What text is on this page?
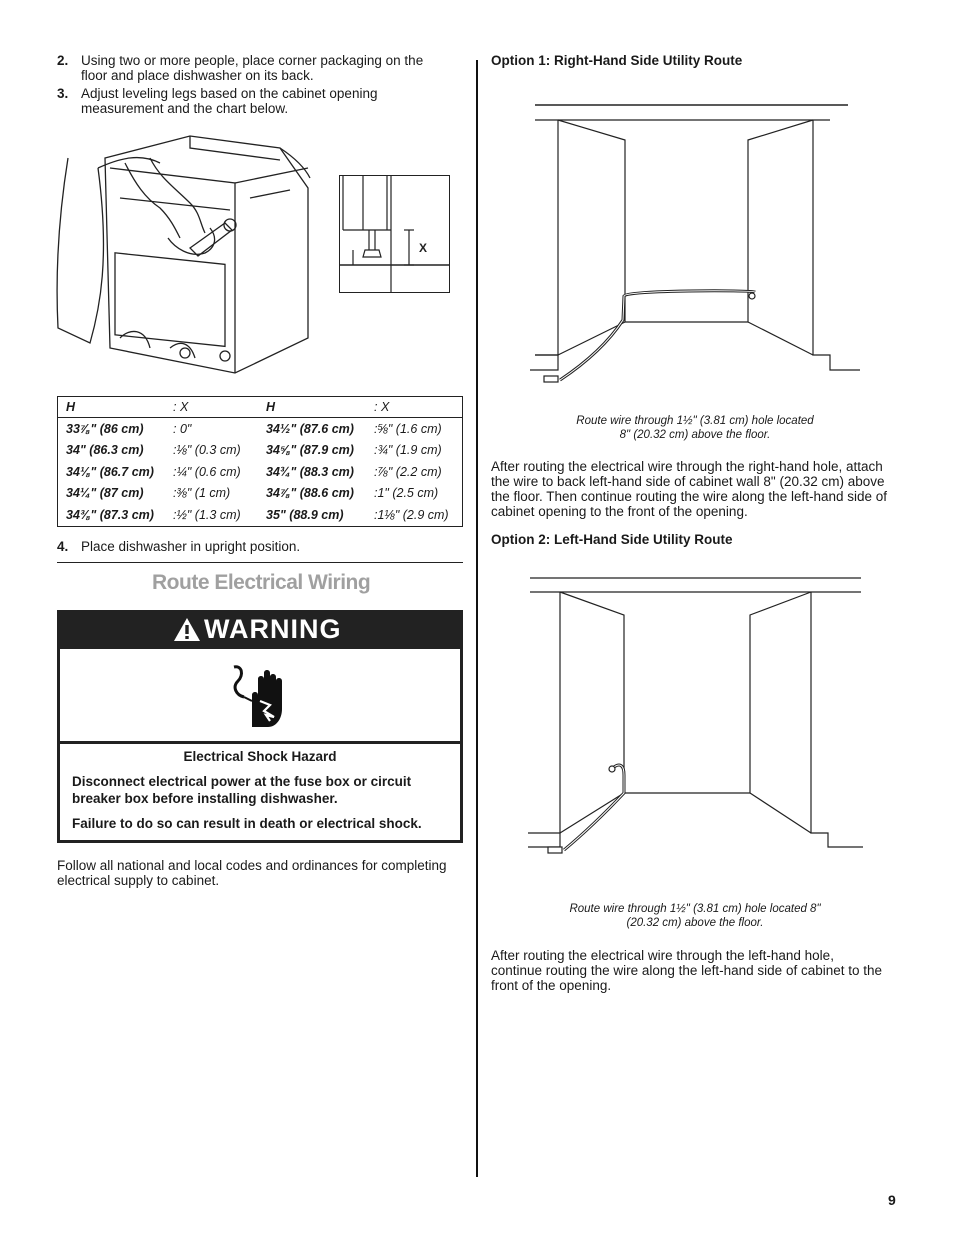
2. Using two or more people, place corner packaging on the
floor and place dishwasher on its back.
3. Adjust leveling legs based on the cabinet opening
measurement and the chart below.
X
H	: X	H	: X
33⅞" (86 cm)	: 0"	34½" (87.6 cm)	:⅝" (1.6 cm)
34" (86.3 cm)	:⅛" (0.3 cm)	34⅝" (87.9 cm)	:¾" (1.9 cm)
34⅛" (86.7 cm)	:¼" (0.6 cm)	34¾" (88.3 cm)	:⅞" (2.2 cm)
34¼" (87 cm)	:⅜" (1 cm)	34⅞" (88.6 cm)	:1" (2.5 cm)
34⅜" (87.3 cm)	:½" (1.3 cm)	35" (88.9 cm)	:1⅛" (2.9 cm)
4. Place dishwasher in upright position.
Route Electrical Wiring
WARNING
Electrical Shock Hazard
Disconnect electrical power at the fuse box or circuit
breaker box before installing dishwasher.
Failure to do so can result in death or electrical shock.
Follow all national and local codes and ordinances for completing
electrical supply to cabinet.
Option 1: Right-Hand Side Utility Route
Route wire through 1½" (3.81 cm) hole located
8" (20.32 cm) above the floor.
After routing the electrical wire through the right-hand hole, attach
the wire to back left-hand side of cabinet wall 8" (20.32 cm) above
the floor. Then continue routing the wire along the left-hand side of
cabinet opening to the front of the opening.
Option 2: Left-Hand Side Utility Route
Route wire through 1½" (3.81 cm) hole located 8"
(20.32 cm) above the floor.
After routing the electrical wire through the left-hand hole,
continue routing the wire along the left-hand side of cabinet to the
front of the opening.
9
